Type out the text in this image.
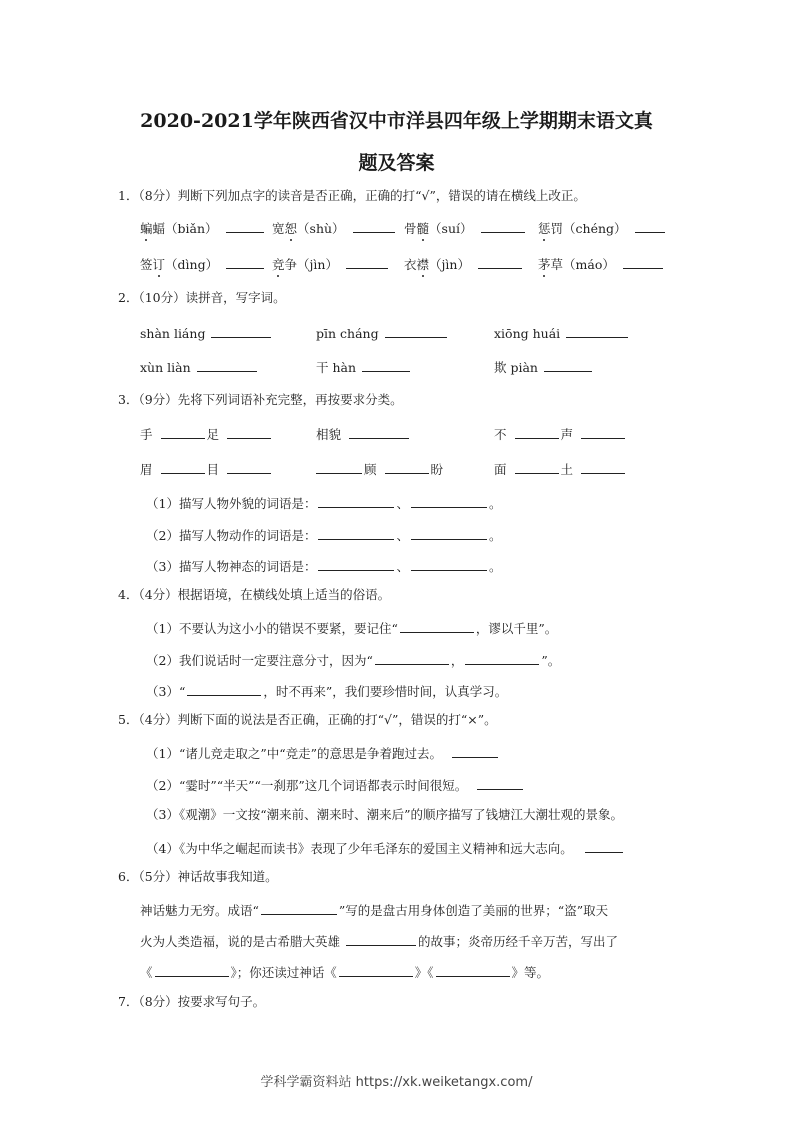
2020-2021学年陕西省汉中市洋县四年级上学期期末语文真
题及答案
1．（8分）判断下列加点字的读音是否正确，正确的打“√”，错误的请在横线上改正。
蝙蝠（biǎn）	宽恕（shù）	骨髓（suí）	惩罚（chéng）
签订（dìng）	竞争（jìn）	衣襟（jìn）	茅草（máo）
2．（10分）读拼音，写字词。
shàn liáng	pīn cháng	xiōng huái
xùn liàn	干 hàn	欺 piàn
3．（9分）先将下列词语补充完整，再按要求分类。
手	足	相貌	不	声
眉	目	顾	盼	面	土
（1）描写人物外貌的词语是：	、	。
（2）描写人物动作的词语是：	、	。
（3）描写人物神态的词语是：	、	。
4．（4分）根据语境，在横线处填上适当的俗语。
（1）不要认为这小小的错误不要紧，要记住“	，谬以千里”。
（2）我们说话时一定要注意分寸，因为“	，	”。
（3）“	，时不再来”，我们要珍惜时间，认真学习。
5．（4分）判断下面的说法是否正确，正确的打“√”，错误的打“×”。
（1）“诸儿竞走取之”中“竞走”的意思是争着跑过去。
（2）“霎时”“半天”“一刹那”这几个词语都表示时间很短。
（3）《观潮》一文按“潮来前、潮来时、潮来后”的顺序描写了钱塘江大潮壮观的景象。
（4）《为中华之崛起而读书》表现了少年毛泽东的爱国主义精神和远大志向。
6．（5分）神话故事我知道。
神话魅力无穷。成语“	”写的是盘古用身体创造了美丽的世界；“盗”取天
火为人类造福，说的是古希腊大英雄	的故事；炎帝历经千辛万苦，写出了
《	》；你还读过神话《	》《	》等。
7．（8分）按要求写句子。
学科学霸资料站 https://xk.weiketangx.com/
